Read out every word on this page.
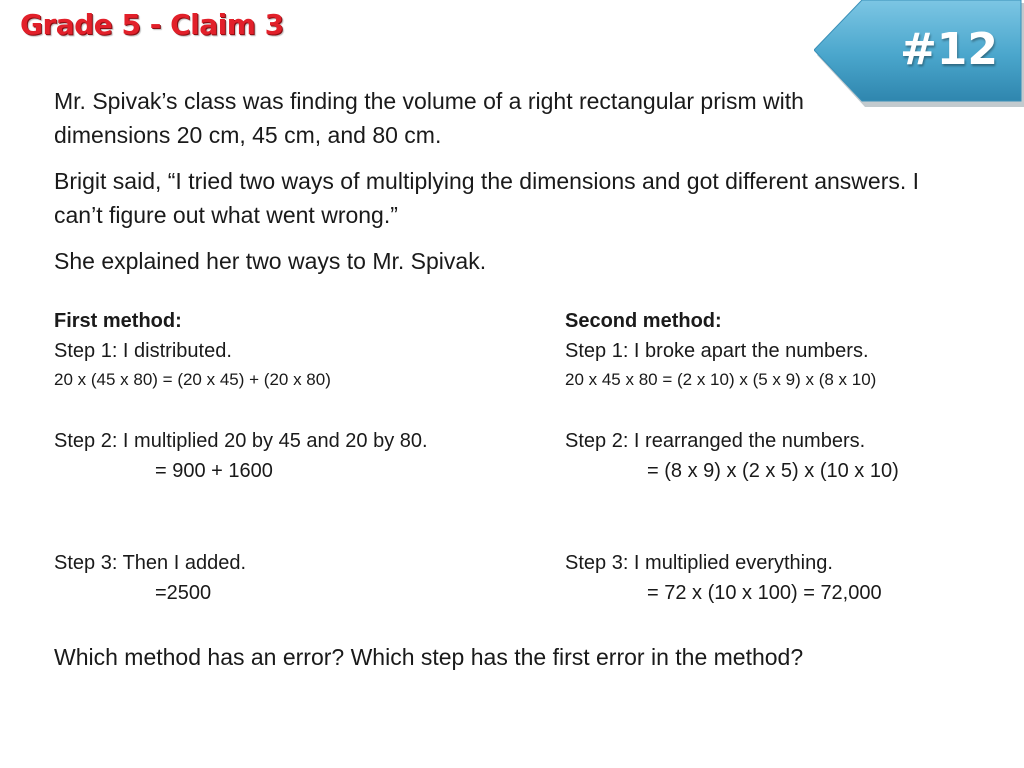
Grade 5 - Claim 3	#12

Mr. Spivak’s class was finding the volume of a right rectangular prism with dimensions 20 cm, 45 cm, and 80 cm.

Brigit said, “I tried two ways of multiplying the dimensions and got different answers. I can’t figure out what went wrong.”

She explained her two ways to Mr. Spivak.

First method:
Step 1: I distributed.
20 x (45 x 80) = (20 x 45) + (20 x 80)
Step 2: I multiplied 20 by 45 and 20 by 80.
= 900 + 1600
Step 3: Then I added.
=2500
Second method:
Step 1: I broke apart the numbers.
20 x 45 x 80 = (2 x 10) x (5 x 9) x (8 x 10)
Step 2: I rearranged the numbers.
= (8 x 9) x (2 x 5) x (10 x 10)
Step 3: I multiplied everything.
= 72 x (10 x 100) = 72,000

Which method has an error? Which step has the first error in the method?
